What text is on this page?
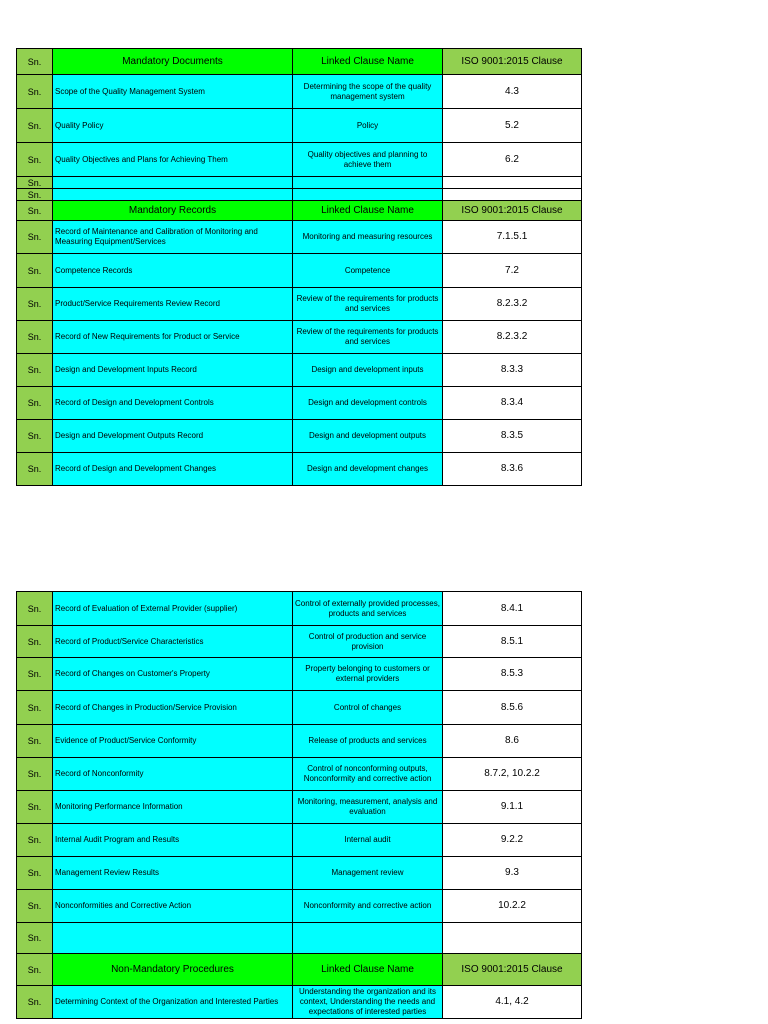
Sn.	Mandatory Documents	Linked Clause Name	ISO 9001:2015 Clause
Sn.	Scope of the Quality Management System	Determining the scope of the quality management system	4.3
Sn.	Quality Policy	Policy	5.2
Sn.	Quality Objectives and Plans for Achieving Them	Quality objectives and planning to achieve them	6.2
Sn.			
Sn.			
Sn.	Mandatory Records	Linked Clause Name	ISO 9001:2015 Clause
Sn.	Record of Maintenance and Calibration of Monitoring and Measuring Equipment/Services	Monitoring and measuring resources	7.1.5.1
Sn.	Competence Records	Competence	7.2
Sn.	Product/Service Requirements Review Record	Review of the requirements for products and services	8.2.3.2
Sn.	Record of New Requirements for Product or Service	Review of the requirements for products and services	8.2.3.2
Sn.	Design and Development Inputs Record	Design and development inputs	8.3.3
Sn.	Record of Design and Development Controls	Design and development controls	8.3.4
Sn.	Design and Development Outputs Record	Design and development outputs	8.3.5
Sn.	Record of Design and Development Changes	Design and development changes	8.3.6
Sn.	Record of Evaluation of External Provider (supplier)	Control of externally provided processes, products and services	8.4.1
Sn.	Record of Product/Service Characteristics	Control of production and service provision	8.5.1
Sn.	Record of Changes on Customer's Property	Property belonging to customers or external providers	8.5.3
Sn.	Record of Changes in Production/Service Provision	Control of changes	8.5.6
Sn.	Evidence of Product/Service Conformity	Release of products and services	8.6
Sn.	Record of Nonconformity	Control of nonconforming outputs, Nonconformity and corrective action	8.7.2, 10.2.2
Sn.	Monitoring Performance Information	Monitoring, measurement, analysis and evaluation	9.1.1
Sn.	Internal Audit Program and Results	Internal audit	9.2.2
Sn.	Management Review Results	Management review	9.3
Sn.	Nonconformities and Corrective Action	Nonconformity and corrective action	10.2.2
Sn.			
Sn.	Non-Mandatory Procedures	Linked Clause Name	ISO 9001:2015 Clause
Sn.	Determining Context of the Organization and Interested Parties	Understanding the organization and its context, Understanding the needs and expectations of interested parties	4.1, 4.2
